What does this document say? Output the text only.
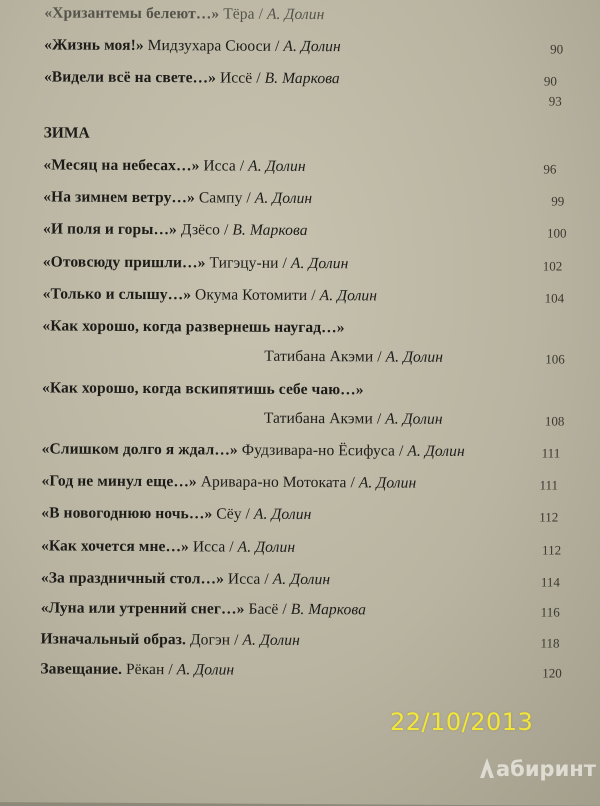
ЗИМА
«Хризантемы белеют…» Тёра / А. Долин
«Жизнь моя!» Мидзухара Сюоси / А. Долин	90
«Видели всё на свете…» Иссё / В. Маркова	90
93
«Месяц на небесах…» Исса / А. Долин	96
«На зимнем ветру…» Сампу / А. Долин	99
«И поля и горы…» Дзёсо / В. Маркова	100
«Отовсюду пришли…» Тигэцу-ни / А. Долин	102
«Только и слышу…» Окума Котомити / А. Долин	104
«Как хорошо, когда развернешь наугад…»
Татибана Акэми / А. Долин	106
«Как хорошо, когда вскипятишь себе чаю…»
Татибана Акэми / А. Долин	108
«Слишком долго я ждал…» Фудзивара-но Ёсифуса / А. Долин	111
«Год не минул еще…» Аривара-но Мотоката / А. Долин	111
«В новогоднюю ночь…» Сёу / А. Долин	112
«Как хочется мне…» Исса / А. Долин	112
«За праздничный стол…» Исса / А. Долин	114
«Луна или утренний снег…» Басё / В. Маркова	116
Изначальный образ. Догэн / А. Долин	118
Завещание. Рёкан / А. Долин	120
22/10/2013
абиринт
